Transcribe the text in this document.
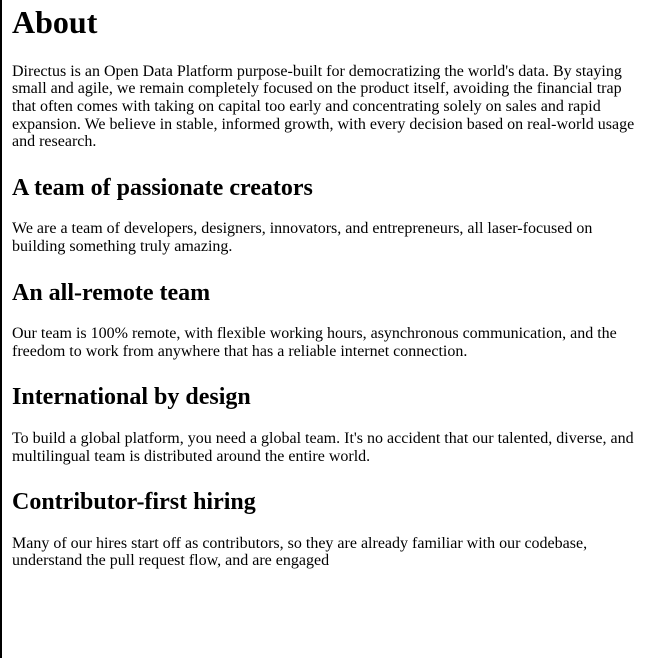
About

Directus is an Open Data Platform purpose-built for democratizing the world's data. By staying small and agile, we remain completely focused on the product itself, avoiding the financial trap that often comes with taking on capital too early and concentrating solely on sales and rapid expansion. We believe in stable, informed growth, with every decision based on real-world usage and research.

A team of passionate creators

We are a team of developers, designers, innovators, and entrepreneurs, all laser-focused on building something truly amazing.

An all-remote team

Our team is 100% remote, with flexible working hours, asynchronous communication, and the freedom to work from anywhere that has a reliable internet connection.

International by design

To build a global platform, you need a global team. It's no accident that our talented, diverse, and multilingual team is distributed around the entire world.

Contributor-first hiring

Many of our hires start off as contributors, so they are already familiar with our codebase, understand the pull request flow, and are engaged
